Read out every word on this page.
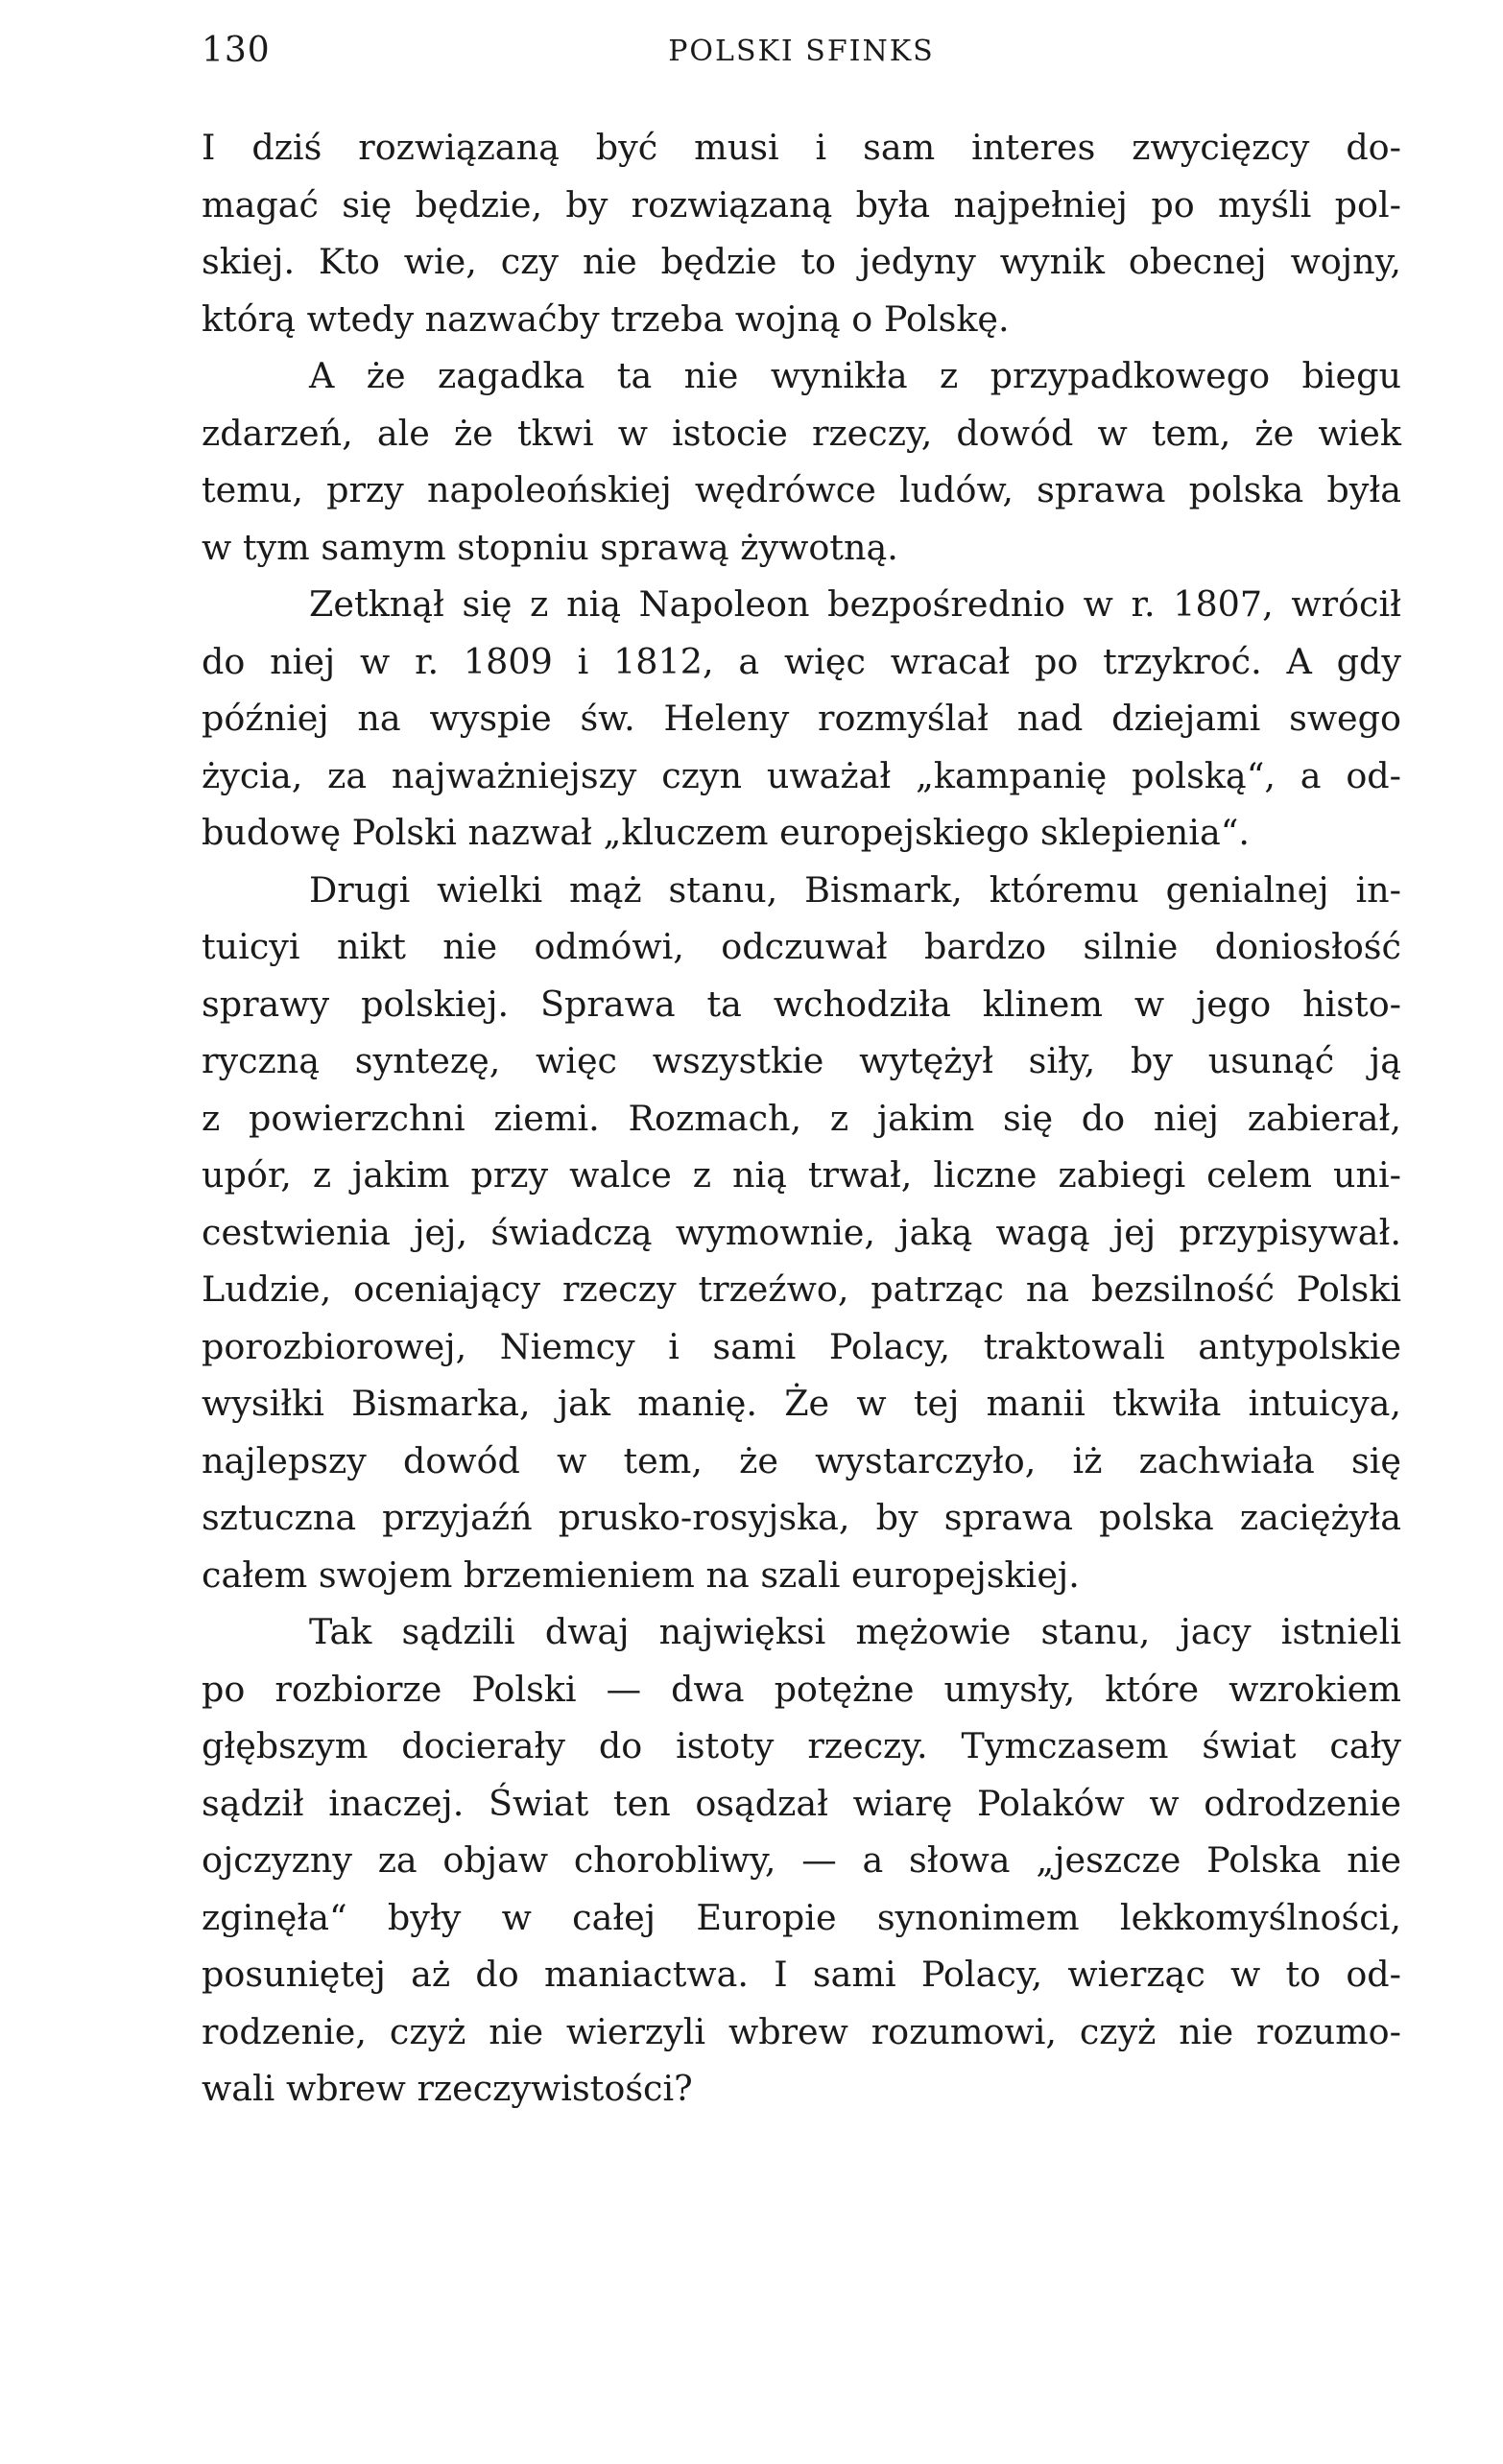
130	POLSKI SFINKS
I dziś rozwiązaną być musi i sam interes zwycięzcy do-
magać się będzie, by rozwiązaną była najpełniej po myśli pol-
skiej. Kto wie, czy nie będzie to jedyny wynik obecnej wojny,
którą wtedy nazwaćby trzeba wojną o Polskę.
A że zagadka ta nie wynikła z przypadkowego biegu
zdarzeń, ale że tkwi w istocie rzeczy, dowód w tem, że wiek
temu, przy napoleońskiej wędrówce ludów, sprawa polska była
w tym samym stopniu sprawą żywotną.
Zetknął się z nią Napoleon bezpośrednio w r. 1807, wrócił
do niej w r. 1809 i 1812, a więc wracał po trzykroć. A gdy
później na wyspie św. Heleny rozmyślał nad dziejami swego
życia, za najważniejszy czyn uważał „kampanię polską“, a od-
budowę Polski nazwał „kluczem europejskiego sklepienia“.
Drugi wielki mąż stanu, Bismark, któremu genialnej in-
tuicyi nikt nie odmówi, odczuwał bardzo silnie doniosłość
sprawy polskiej. Sprawa ta wchodziła klinem w jego histo-
ryczną syntezę, więc wszystkie wytężył siły, by usunąć ją
z powierzchni ziemi. Rozmach, z jakim się do niej zabierał,
upór, z jakim przy walce z nią trwał, liczne zabiegi celem uni-
cestwienia jej, świadczą wymownie, jaką wagą jej przypisywał.
Ludzie, oceniający rzeczy trzeźwo, patrząc na bezsilność Polski
porozbiorowej, Niemcy i sami Polacy, traktowali antypolskie
wysiłki Bismarka, jak manię. Że w tej manii tkwiła intuicya,
najlepszy dowód w tem, że wystarczyło, iż zachwiała się
sztuczna przyjaźń prusko-rosyjska, by sprawa polska zaciężyła
całem swojem brzemieniem na szali europejskiej.
Tak sądzili dwaj najwięksi mężowie stanu, jacy istnieli
po rozbiorze Polski — dwa potężne umysły, które wzrokiem
głębszym docierały do istoty rzeczy. Tymczasem świat cały
sądził inaczej. Świat ten osądzał wiarę Polaków w odrodzenie
ojczyzny za objaw chorobliwy, — a słowa „jeszcze Polska nie
zginęła“ były w całej Europie synonimem lekkomyślności,
posuniętej aż do maniactwa. I sami Polacy, wierząc w to od-
rodzenie, czyż nie wierzyli wbrew rozumowi, czyż nie rozumo-
wali wbrew rzeczywistości?
